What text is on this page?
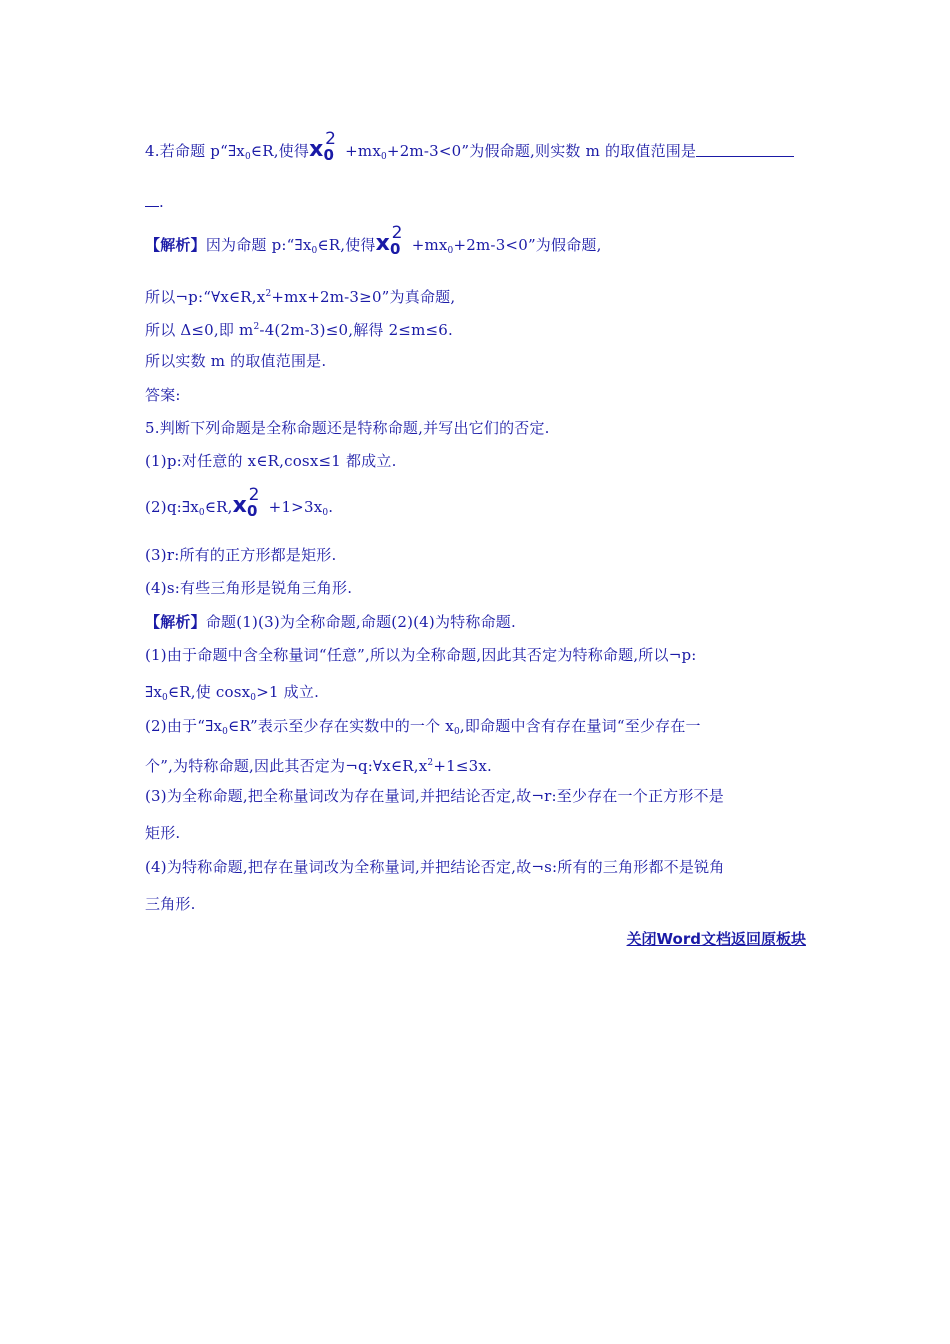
4.若命题 $p“\exists x_0\in R$,使得$x0^2+mx_0+2m-3<0$”为假命题,则实数 m 的取值范围是
.
【解析】因为命题 $p:“\exists x_0\in R$,使得$x0^2+mx_0+2m-3<0$”为假命题,
所以$\neg p:“\forall x\in R,x^2+mx+2m-3\ge 0$”为真命题,
所以 Δ≤0,即 $m^2-4(2m-3)\le 0$,解得 2≤m≤6.
所以实数 m 的取值范围是.
答案:
5.判断下列命题是全称命题还是特称命题,并写出它们的否定.
(1)p:对任意的 x∈R,cosx≤1 都成立.
$(2)q:\exists x_0\in R,x0^2+1>3x_0$.
(3)r:所有的正方形都是矩形.
(4)s:有些三角形是锐角三角形.
【解析】命题(1)(3)为全称命题,命题(2)(4)为特称命题.
(1)由于命题中含全称量词“任意”,所以为全称命题,因此其否定为特称命题,所以¬p:
$\exists x_0\in R$,使 cosx$_0$>1 成立.
(2)由于“$\exists x_0\in R$”表示至少存在实数中的一个 $x_0$,即命题中含有存在量词“至少存在一
个”,为特称命题,因此其否定为$\neg q:\forall x\in R,x^2+1\le 3x$.
(3)为全称命题,把全称量词改为存在量词,并把结论否定,故¬r:至少存在一个正方形不是
矩形.
(4)为特称命题,把存在量词改为全称量词,并把结论否定,故¬s:所有的三角形都不是锐角
三角形.
关闭Word文档返回原板块
